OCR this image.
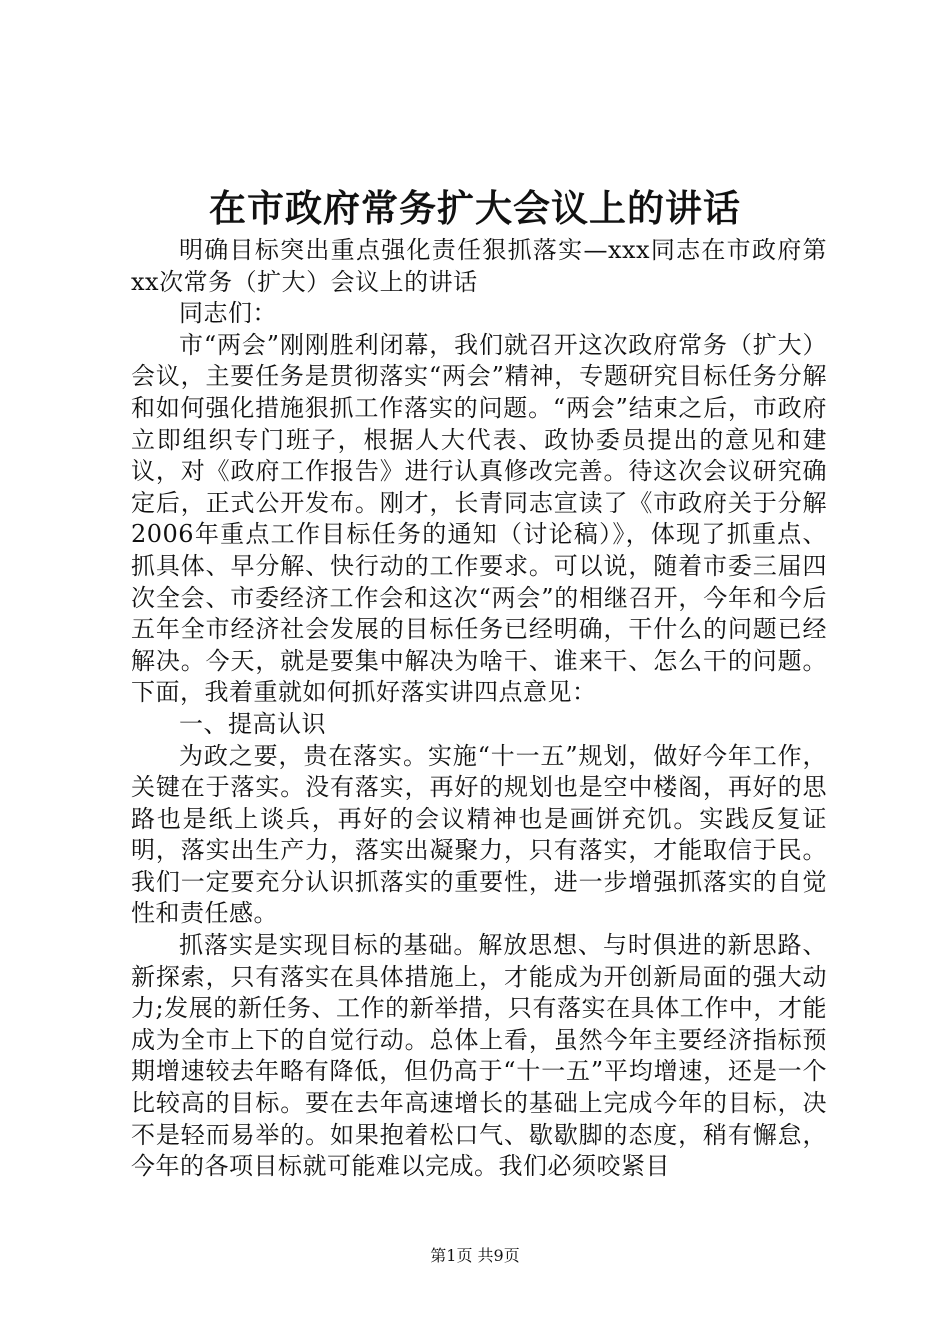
在市政府常务扩大会议上的讲话

明确目标突出重点强化责任狠抓落实—xxx同志在市政府第xx次常务（扩大）会议上的讲话

同志们：

市“两会”刚刚胜利闭幕，我们就召开这次政府常务（扩大）会议，主要任务是贯彻落实“两会”精神，专题研究目标任务分解和如何强化措施狠抓工作落实的问题。“两会”结束之后，市政府立即组织专门班子，根据人大代表、政协委员提出的意见和建议，对《政府工作报告》进行认真修改完善。待这次会议研究确定后，正式公开发布。刚才，长青同志宣读了《市政府关于分解2006年重点工作目标任务的通知（讨论稿）》，体现了抓重点、抓具体、早分解、快行动的工作要求。可以说，随着市委三届四次全会、市委经济工作会和这次“两会”的相继召开，今年和今后五年全市经济社会发展的目标任务已经明确，干什么的问题已经解决。今天，就是要集中解决为啥干、谁来干、怎么干的问题。下面，我着重就如何抓好落实讲四点意见：

一、提高认识

为政之要，贵在落实。实施“十一五”规划，做好今年工作，关键在于落实。没有落实，再好的规划也是空中楼阁，再好的思路也是纸上谈兵，再好的会议精神也是画饼充饥。实践反复证明，落实出生产力，落实出凝聚力，只有落实，才能取信于民。我们一定要充分认识抓落实的重要性，进一步增强抓落实的自觉性和责任感。

抓落实是实现目标的基础。解放思想、与时俱进的新思路、新探索，只有落实在具体措施上，才能成为开创新局面的强大动力;发展的新任务、工作的新举措，只有落实在具体工作中，才能成为全市上下的自觉行动。总体上看，虽然今年主要经济指标预期增速较去年略有降低，但仍高于“十一五”平均增速，还是一个比较高的目标。要在去年高速增长的基础上完成今年的目标，决不是轻而易举的。如果抱着松口气、歇歇脚的态度，稍有懈怠，今年的各项目标就可能难以完成。我们必须咬紧目

第1页 共9页
